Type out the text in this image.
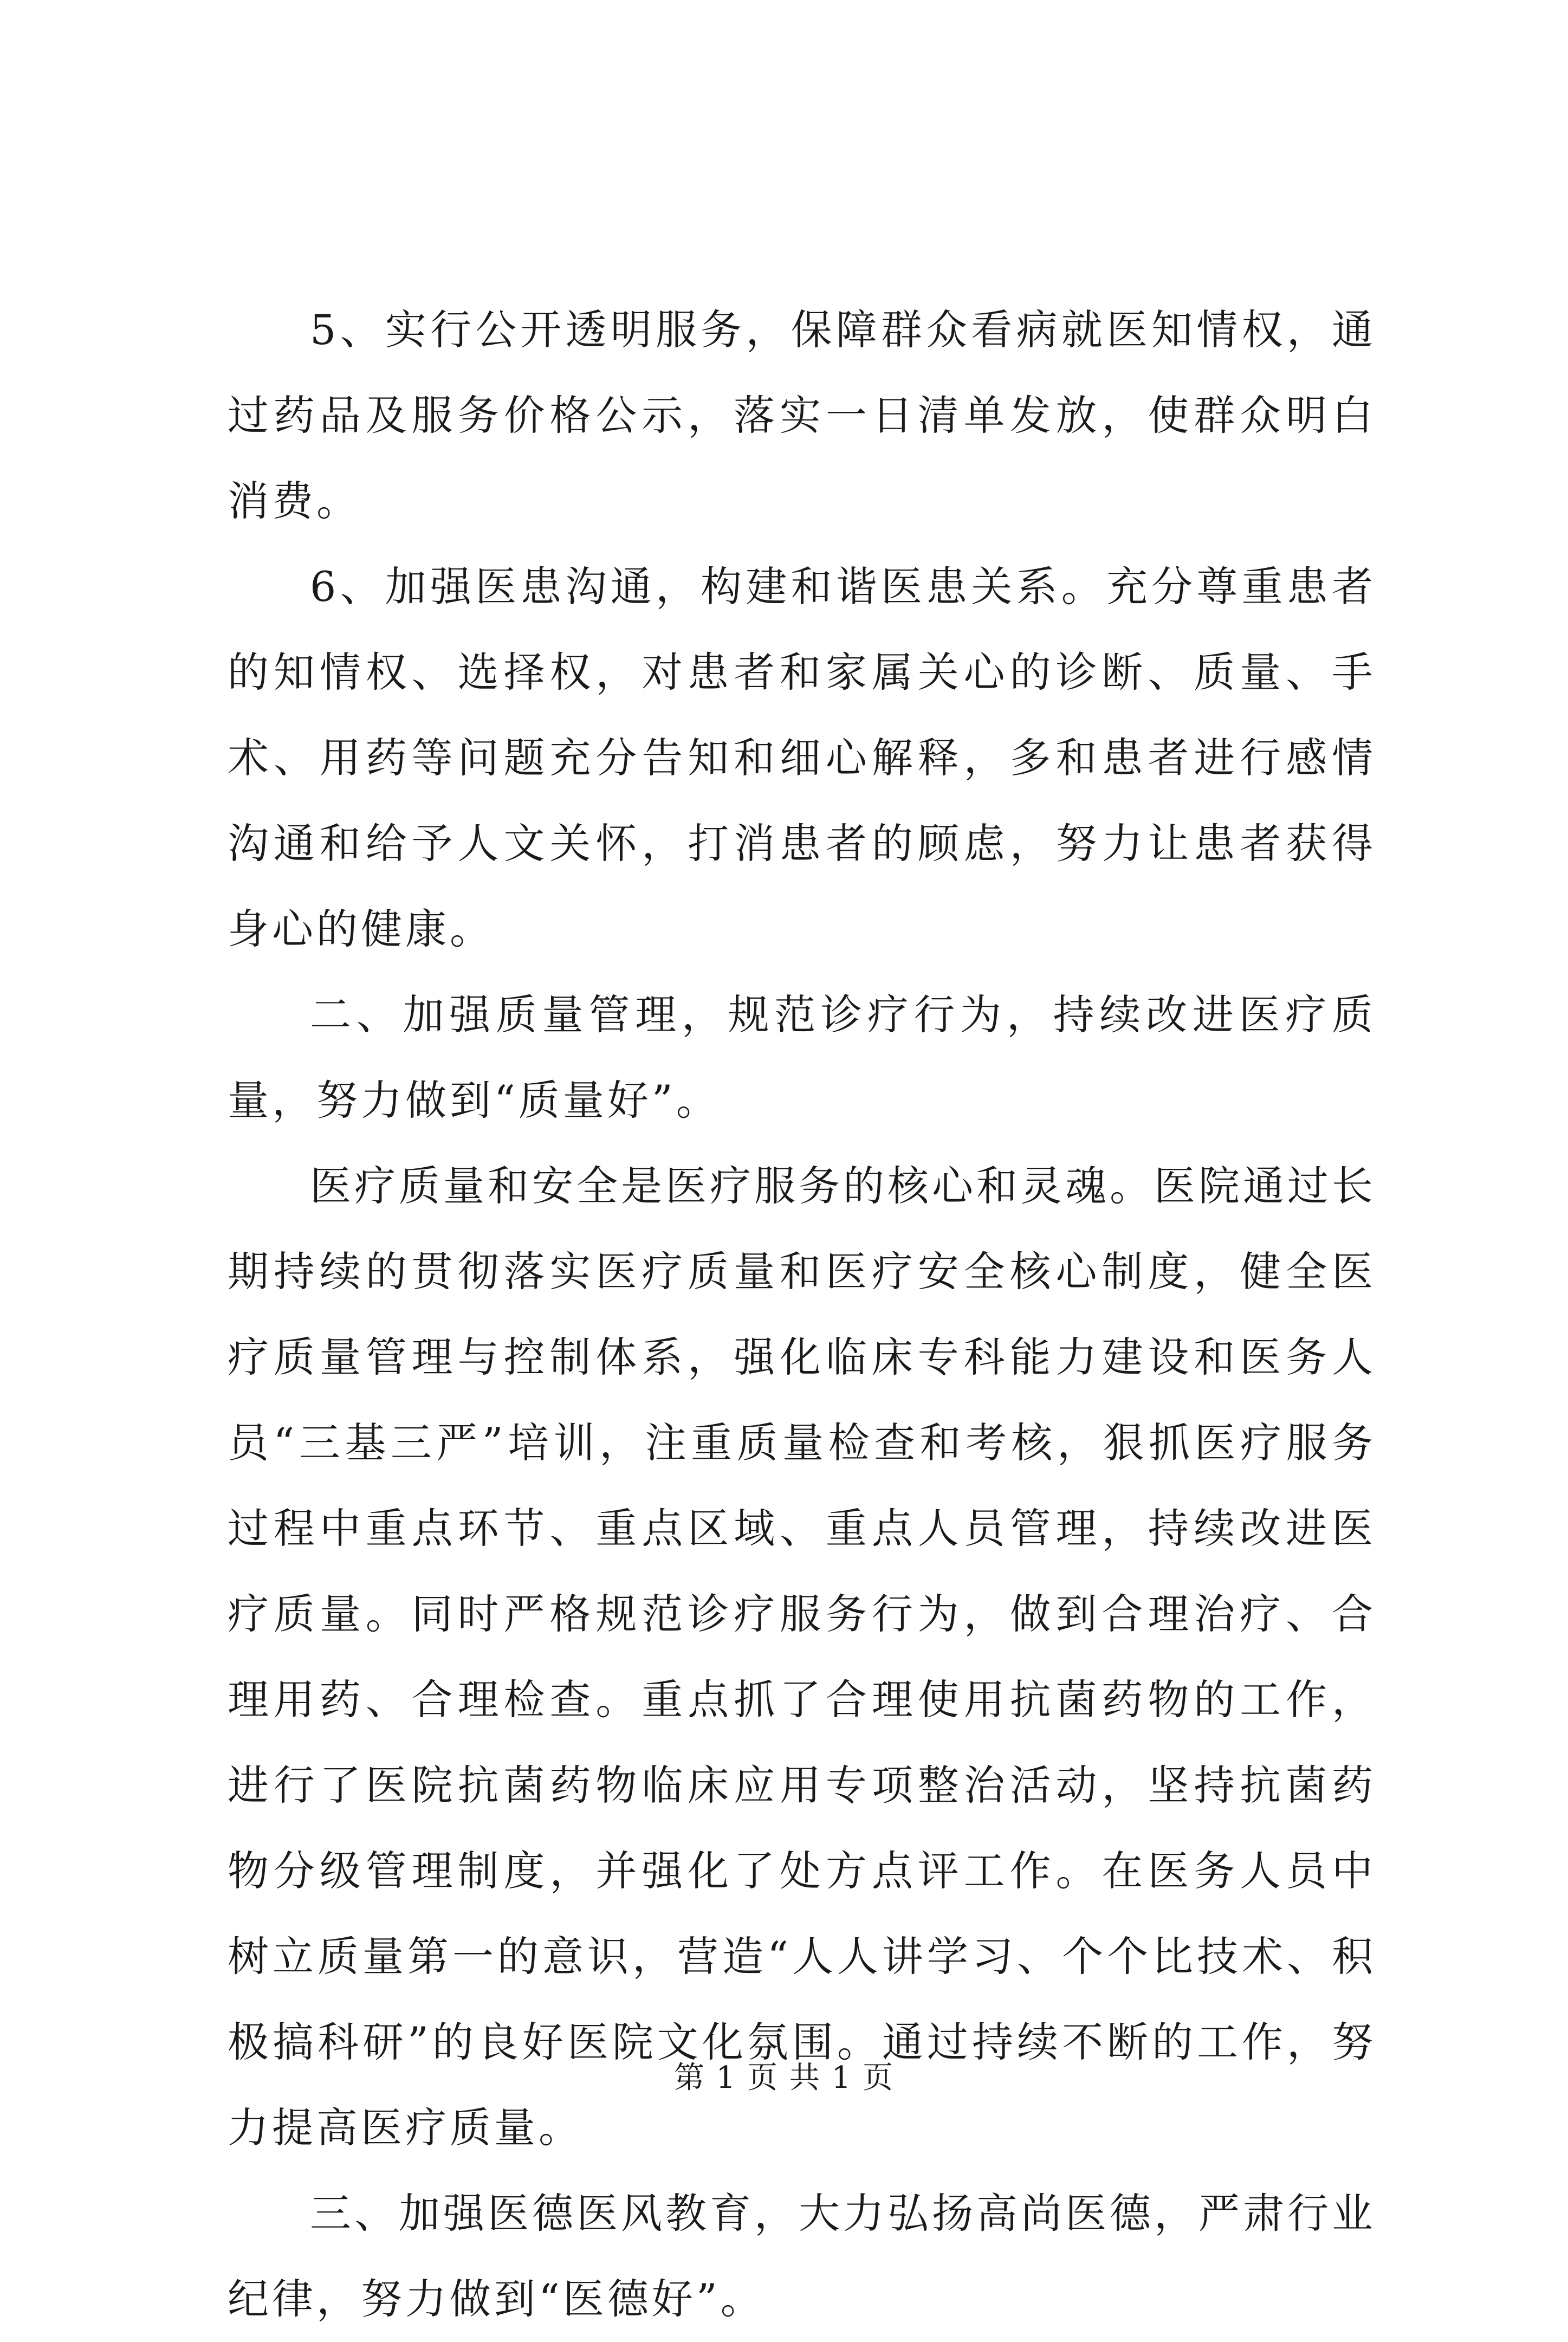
5、实行公开透明服务，保障群众看病就医知情权，通过药品及服务价格公示，落实一日清单发放，使群众明白消费。

6、加强医患沟通，构建和谐医患关系。充分尊重患者的知情权、选择权，对患者和家属关心的诊断、质量、手术、用药等问题充分告知和细心解释，多和患者进行感情沟通和给予人文关怀，打消患者的顾虑，努力让患者获得身心的健康。

二、加强质量管理，规范诊疗行为，持续改进医疗质量，努力做到“质量好”。

医疗质量和安全是医疗服务的核心和灵魂。医院通过长期持续的贯彻落实医疗质量和医疗安全核心制度，健全医疗质量管理与控制体系，强化临床专科能力建设和医务人员“三基三严”培训，注重质量检查和考核，狠抓医疗服务过程中重点环节、重点区域、重点人员管理，持续改进医疗质量。同时严格规范诊疗服务行为，做到合理治疗、合理用药、合理检查。重点抓了合理使用抗菌药物的工作，进行了医院抗菌药物临床应用专项整治活动，坚持抗菌药物分级管理制度，并强化了处方点评工作。在医务人员中树立质量第一的意识，营造“人人讲学习、个个比技术、积极搞科研”的良好医院文化氛围。通过持续不断的工作，努力提高医疗质量。

三、加强医德医风教育，大力弘扬高尚医德，严肃行业纪律，努力做到“医德好”。

第 1 页 共 1 页
